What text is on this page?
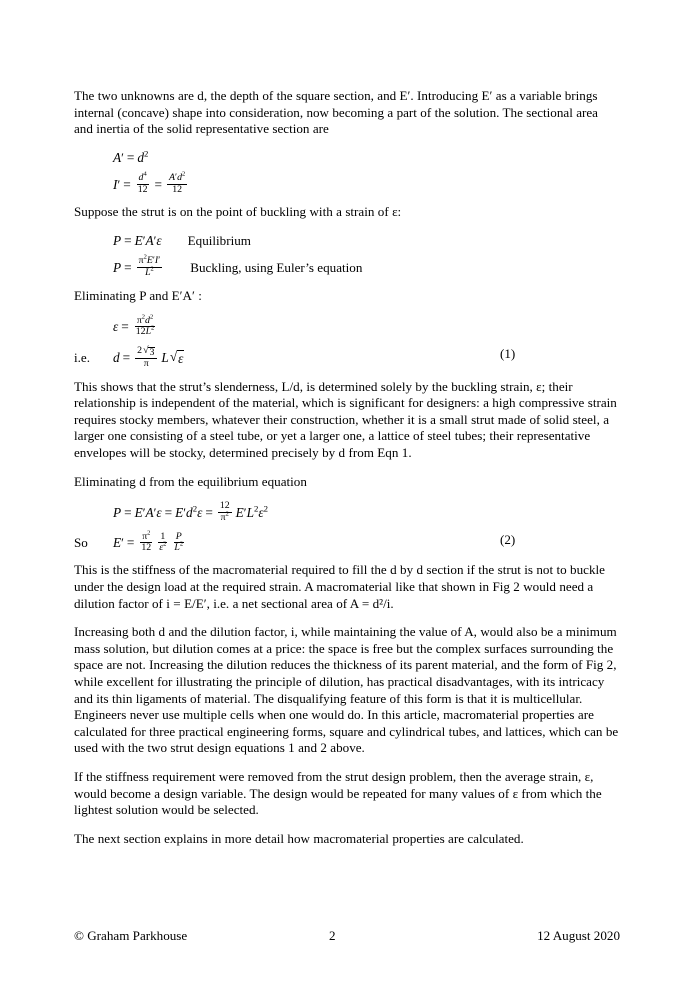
The two unknowns are d, the depth of the square section, and E′. Introducing E′ as a variable brings internal (concave) shape into consideration, now becoming a part of the solution. The sectional area and inertia of the solid representative section are

$A' = d^2$
$I' = \frac{d^4}{12} = \frac{A'd^2}{12}$

Suppose the strut is on the point of buckling with a strain of ε:

P = E′A′ε Equilibrium
$P = \frac{\pi^2E'I'}{L^2}$ Buckling, using Euler’s equation

Eliminating P and E′A′ :

$\varepsilon = \frac{\pi^2d^2}{12L^2}$
i.e.	$d = \frac{2 √ 3}{\pi}$ L √ ε	(1)

This shows that the strut’s slenderness, L/d, is determined solely by the buckling strain, ε; their relationship is independent of the material, which is significant for designers: a high compressive strain requires stocky members, whatever their construction, whether it is a small strut made of solid steel, a larger one consisting of a steel tube, or yet a larger one, a lattice of steel tubes; their representative envelopes will be stocky, determined precisely by d from Eqn 1.

Eliminating d from the equilibrium equation

$P = E'A'\varepsilon = E'd^2\varepsilon = \frac{12}{\pi^2} E'L^2\varepsilon^2$
So	$E' = \frac{\pi^2}{12} \frac{1}{\varepsilon^2} \frac{P}{L^2}$	(2)

This is the stiffness of the macromaterial required to fill the d by d section if the strut is not to buckle under the design load at the required strain. A macromaterial like that shown in Fig 2 would need a dilution factor of i = E/E′, i.e. a net sectional area of A = d²/i.

Increasing both d and the dilution factor, i, while maintaining the value of A, would also be a minimum mass solution, but dilution comes at a price: the space is free but the complex surfaces surrounding the space are not. Increasing the dilution reduces the thickness of its parent material, and the form of Fig 2, while excellent for illustrating the principle of dilution, has practical disadvantages, with its intricacy and its thin ligaments of material. The disqualifying feature of this form is that it is multicellular. Engineers never use multiple cells when one would do. In this article, macromaterial properties are calculated for three practical engineering forms, square and cylindrical tubes, and lattices, which can be used with the two strut design equations 1 and 2 above.

If the stiffness requirement were removed from the strut design problem, then the average strain, ε, would become a design variable. The design would be repeated for many values of ε from which the lightest solution would be selected.

The next section explains in more detail how macromaterial properties are calculated.

© Graham Parkhouse	2	12 August 2020
